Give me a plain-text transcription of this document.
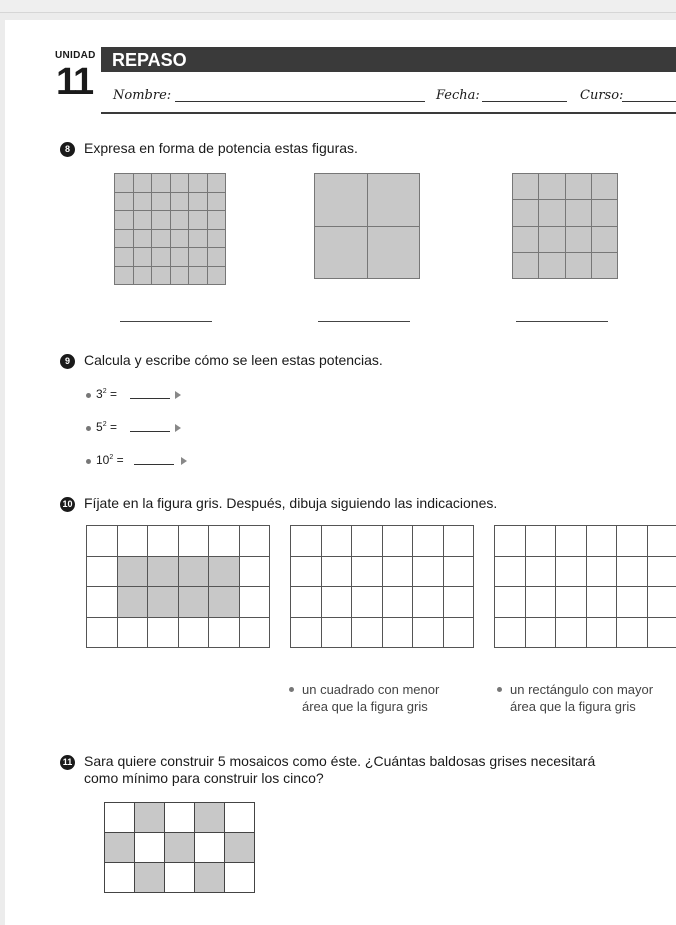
UNIDAD
11
REPASO
Nombre:	Fecha:	Curso:
8	Expresa en forma de potencia estas figuras.
9	Calcula y escribe cómo se leen estas potencias.
$3^2$ =
$5^2$ =
$10^2$ =
10 Fíjate en la figura gris. Después, dibuja siguiendo las indicaciones.
un cuadrado con menor
área que la figura gris
un rectángulo con mayor
área que la figura gris
11 Sara quiere construir 5 mosaicos como éste. ¿Cuántas baldosas grises necesitará
como mínimo para construir los cinco?
